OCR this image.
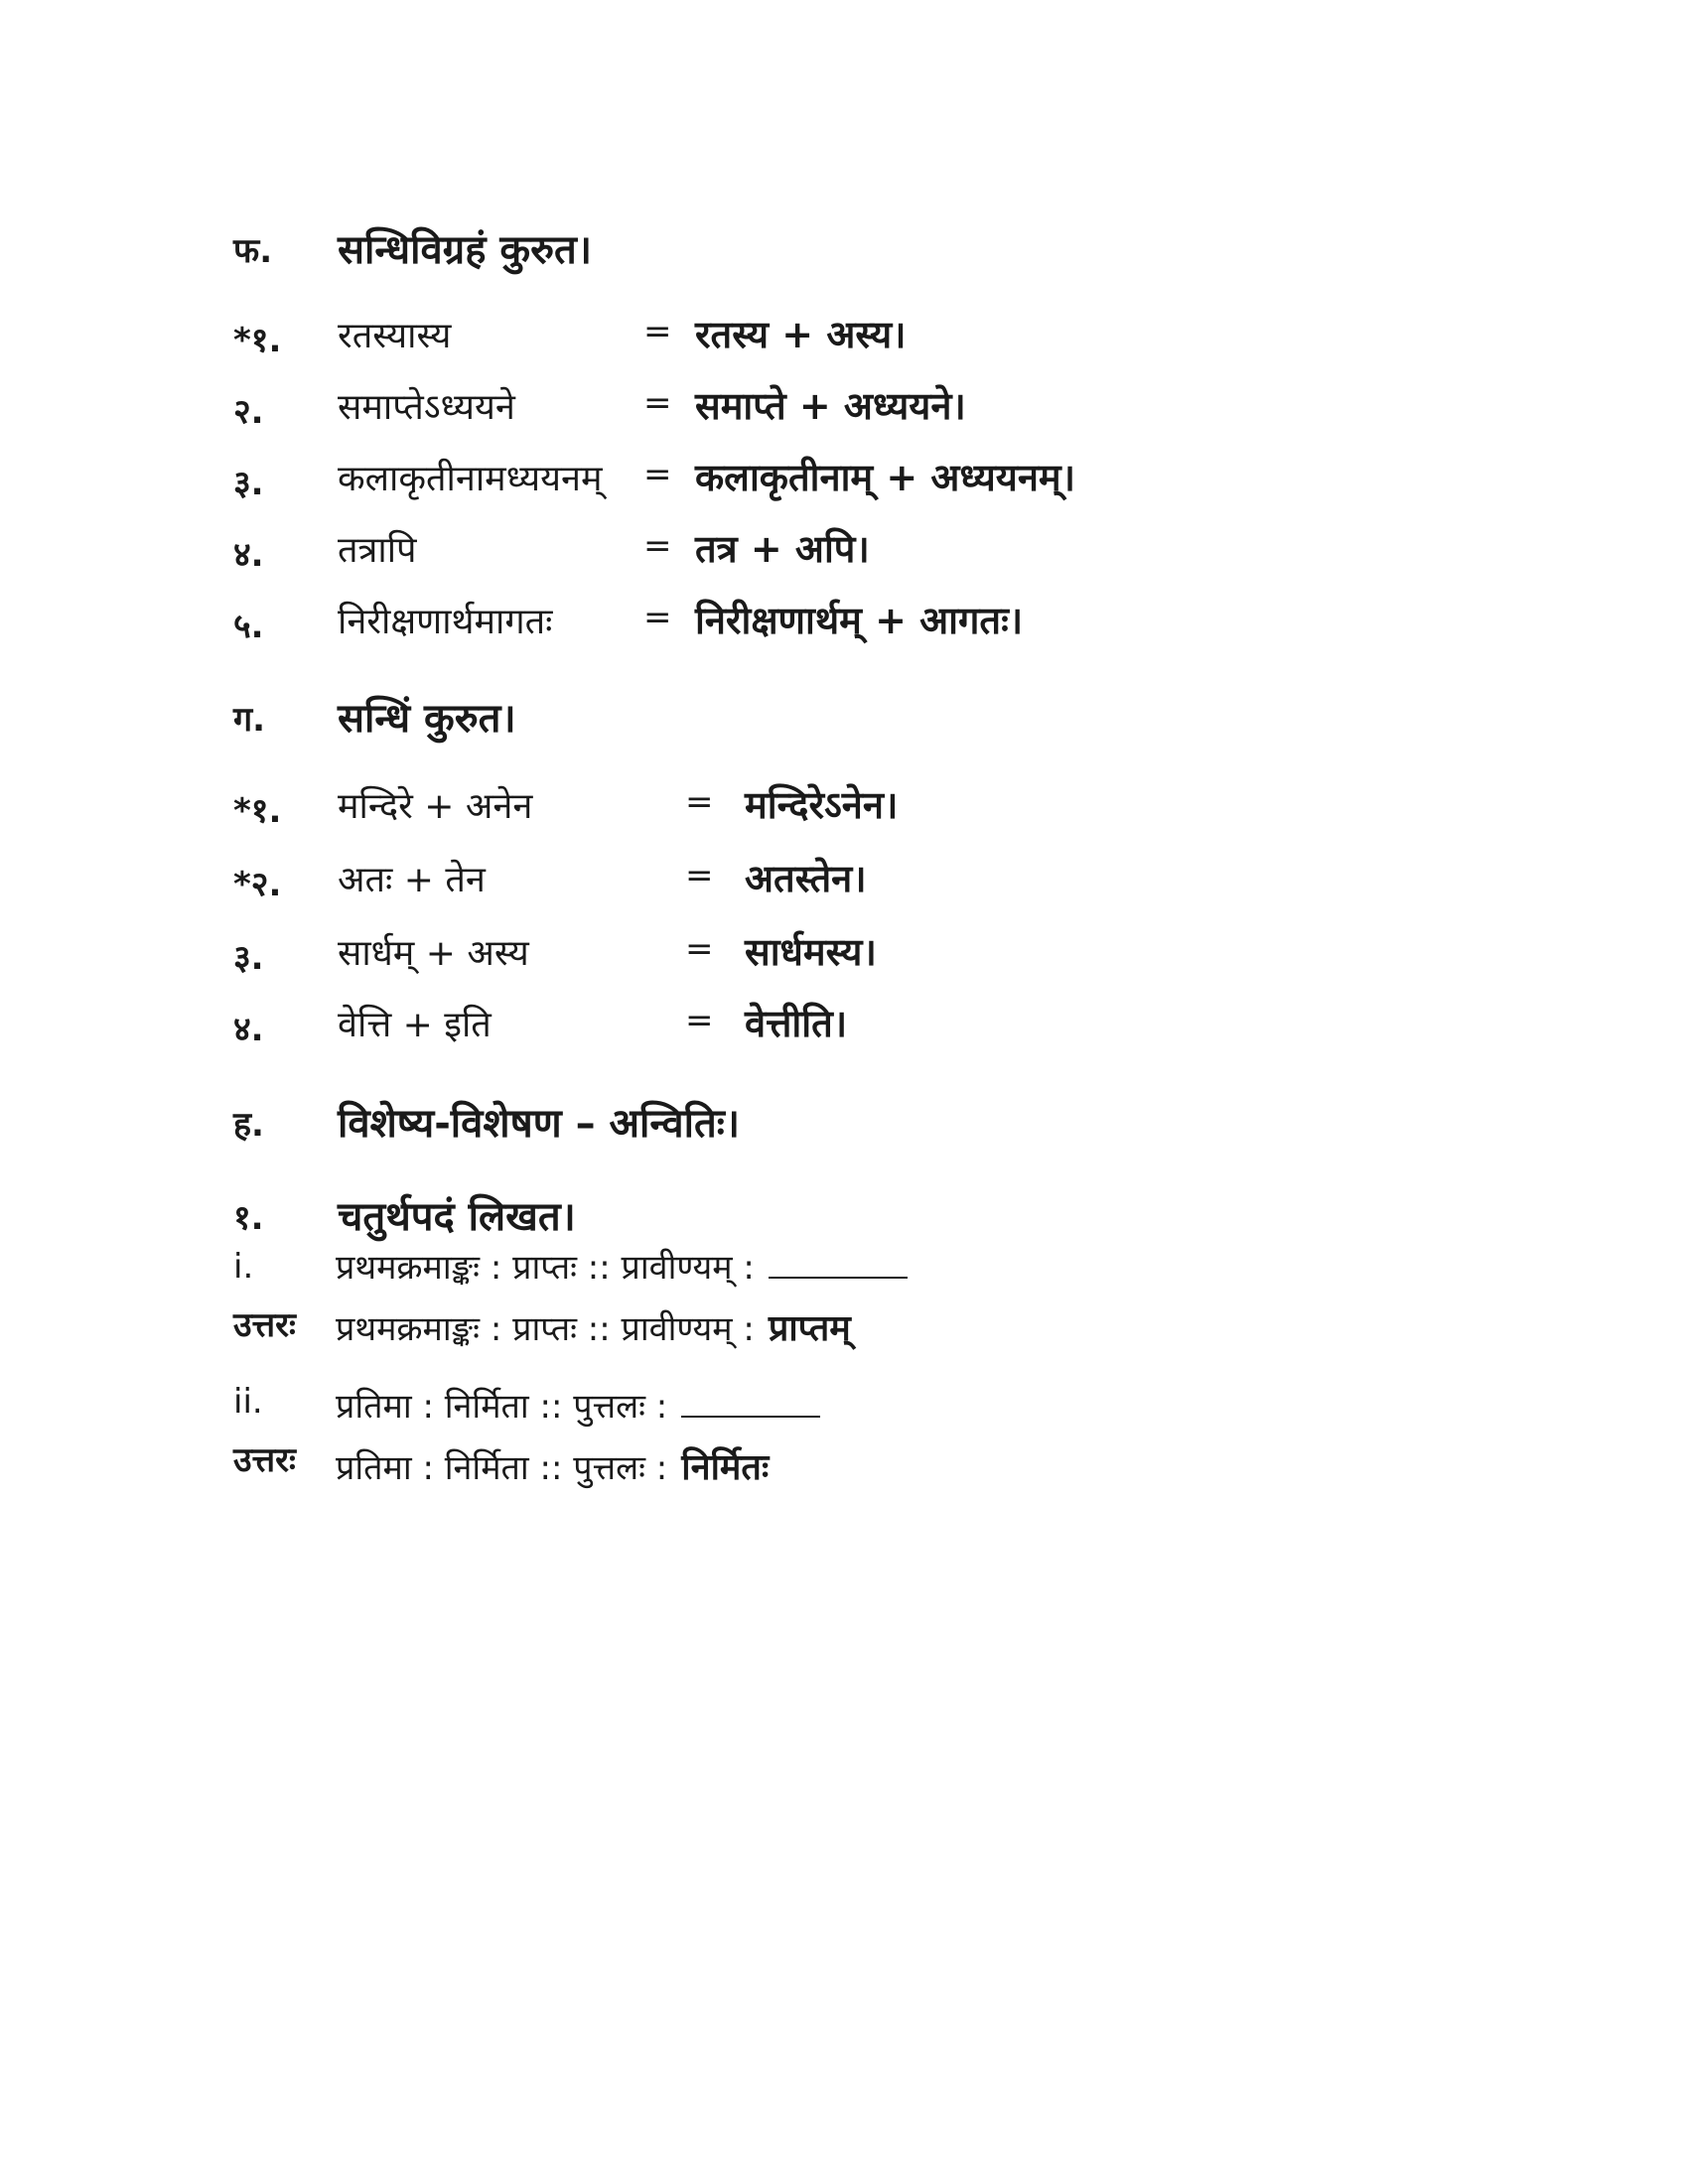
फ. सन्धिविग्रहं कुरुत।
*१. रतस्यास्य	= रतस्य + अस्य।
२. समाप्तेऽध्ययने	= समाप्ते + अध्ययने।
३. कलाकृतीनामध्ययनम् = कलाकृतीनाम् + अध्ययनम्।
४. तत्रापि	= तत्र + अपि।
५. निरीक्षणार्थमागतः	= निरीक्षणार्थम् + आगतः।
ग. सन्धिं कुरुत।
*१. मन्दिरे + अनेन	= मन्दिरेऽनेन।
*२. अतः + तेन	= अतस्तेन।
३. सार्धम् + अस्य	= सार्धमस्य।
४. वेत्ति + इति	= वेत्तीति।
ह. विशेष्य-विशेषण – अन्वितिः।
१. चतुर्थपदं लिखत।
i. प्रथमक्रमाङ्कः : प्राप्तः :: प्रावीण्यम् :
उत्तरः प्रथमक्रमाङ्कः : प्राप्तः :: प्रावीण्यम् : प्राप्तम्
ii. प्रतिमा : निर्मिता :: पुत्तलः :
उत्तरः प्रतिमा : निर्मिता :: पुत्तलः : निर्मितः
